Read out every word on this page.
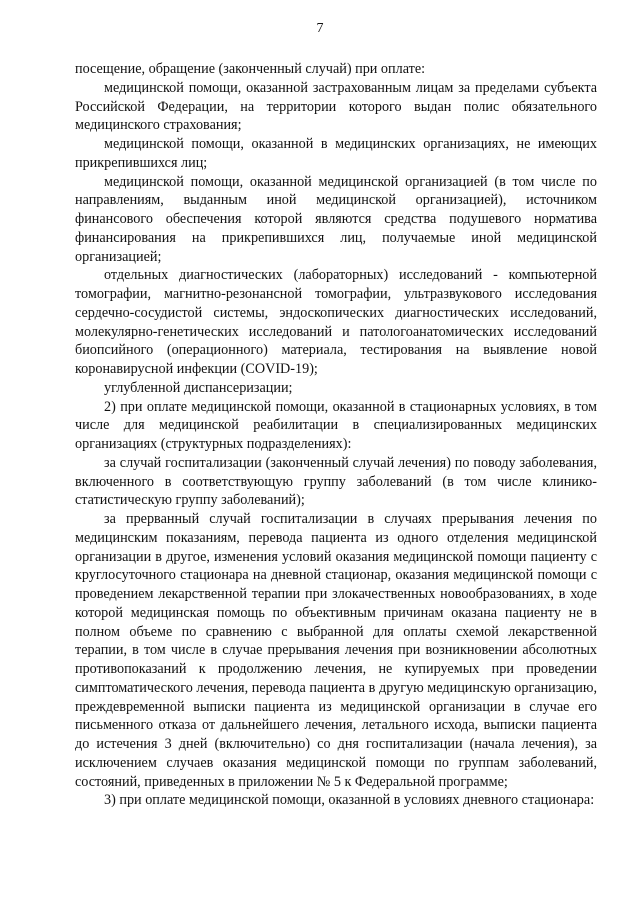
7

посещение, обращение (законченный случай) при оплате:

медицинской помощи, оказанной застрахованным лицам за пределами субъекта Российской Федерации, на территории которого выдан полис обязательного медицинского страхования;

медицинской помощи, оказанной в медицинских организациях, не имеющих прикрепившихся лиц;

медицинской помощи, оказанной медицинской организацией (в том числе по направлениям, выданным иной медицинской организацией), источником финансового обеспечения которой являются средства подушевого норматива финансирования на прикрепившихся лиц, получаемые иной медицинской организацией;

отдельных диагностических (лабораторных) исследований - компьютерной томографии, магнитно-резонансной томографии, ультразвукового исследования сердечно-сосудистой системы, эндоскопических диагностических исследований, молекулярно-генетических исследований и патологоанатомических исследований биопсийного (операционного) материала, тестирования на выявление новой коронавирусной инфекции (COVID-19);

углубленной диспансеризации;

2) при оплате медицинской помощи, оказанной в стационарных условиях, в том числе для медицинской реабилитации в специализированных медицинских организациях (структурных подразделениях):

за случай госпитализации (законченный случай лечения) по поводу заболевания, включенного в соответствующую группу заболеваний (в том числе клинико-статистическую группу заболеваний);

за прерванный случай госпитализации в случаях прерывания лечения по медицинским показаниям, перевода пациента из одного отделения медицинской организации в другое, изменения условий оказания медицинской помощи пациенту с круглосуточного стационара на дневной стационар, оказания медицинской помощи с проведением лекарственной терапии при злокачественных новообразованиях, в ходе которой медицинская помощь по объективным причинам оказана пациенту не в полном объеме по сравнению с выбранной для оплаты схемой лекарственной терапии, в том числе в случае прерывания лечения при возникновении абсолютных противопоказаний к продолжению лечения, не купируемых при проведении симптоматического лечения, перевода пациента в другую медицинскую организацию, преждевременной выписки пациента из медицинской организации в случае его письменного отказа от дальнейшего лечения, летального исхода, выписки пациента до истечения 3 дней (включительно) со дня госпитализации (начала лечения), за исключением случаев оказания медицинской помощи по группам заболеваний, состояний, приведенных в приложении № 5 к Федеральной программе;

3) при оплате медицинской помощи, оказанной в условиях дневного стационара:
